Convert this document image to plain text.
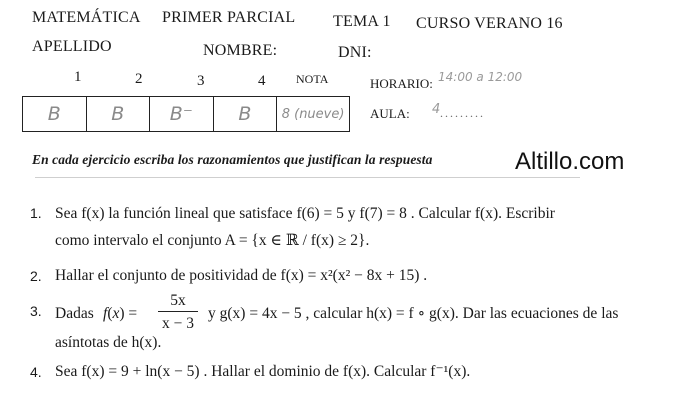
MATEMÁTICA PRIMER PARCIAL TEMA 1 CURSO VERANO 16
APELLIDO	NOMBRE:	DNI:
1	2	3	4	NOTA
B	B	B⁻	B	8 (nueve)
HORARIO: 14:00 a 12:00
AULA: 4 .........
En cada ejercicio escriba los razonamientos que justifican la respuesta	Altillo.com
1. Sea f(x) la función lineal que satisface f(6) = 5 y f(7) = 8 . Calcular f(x). Escribir
como intervalo el conjunto A = {x ∈ ℝ / f(x) ≥ 2}.
2. Hallar el conjunto de positividad de f(x) = x²(x² − 8x + 15) .
3. Dadas f(x) =
5x
x − 3
y g(x) = 4x − 5 , calcular h(x) = f ∘ g(x). Dar las ecuaciones de las
asíntotas de h(x).
4. Sea f(x) = 9 + ln(x − 5) . Hallar el dominio de f(x). Calcular f⁻¹(x).
